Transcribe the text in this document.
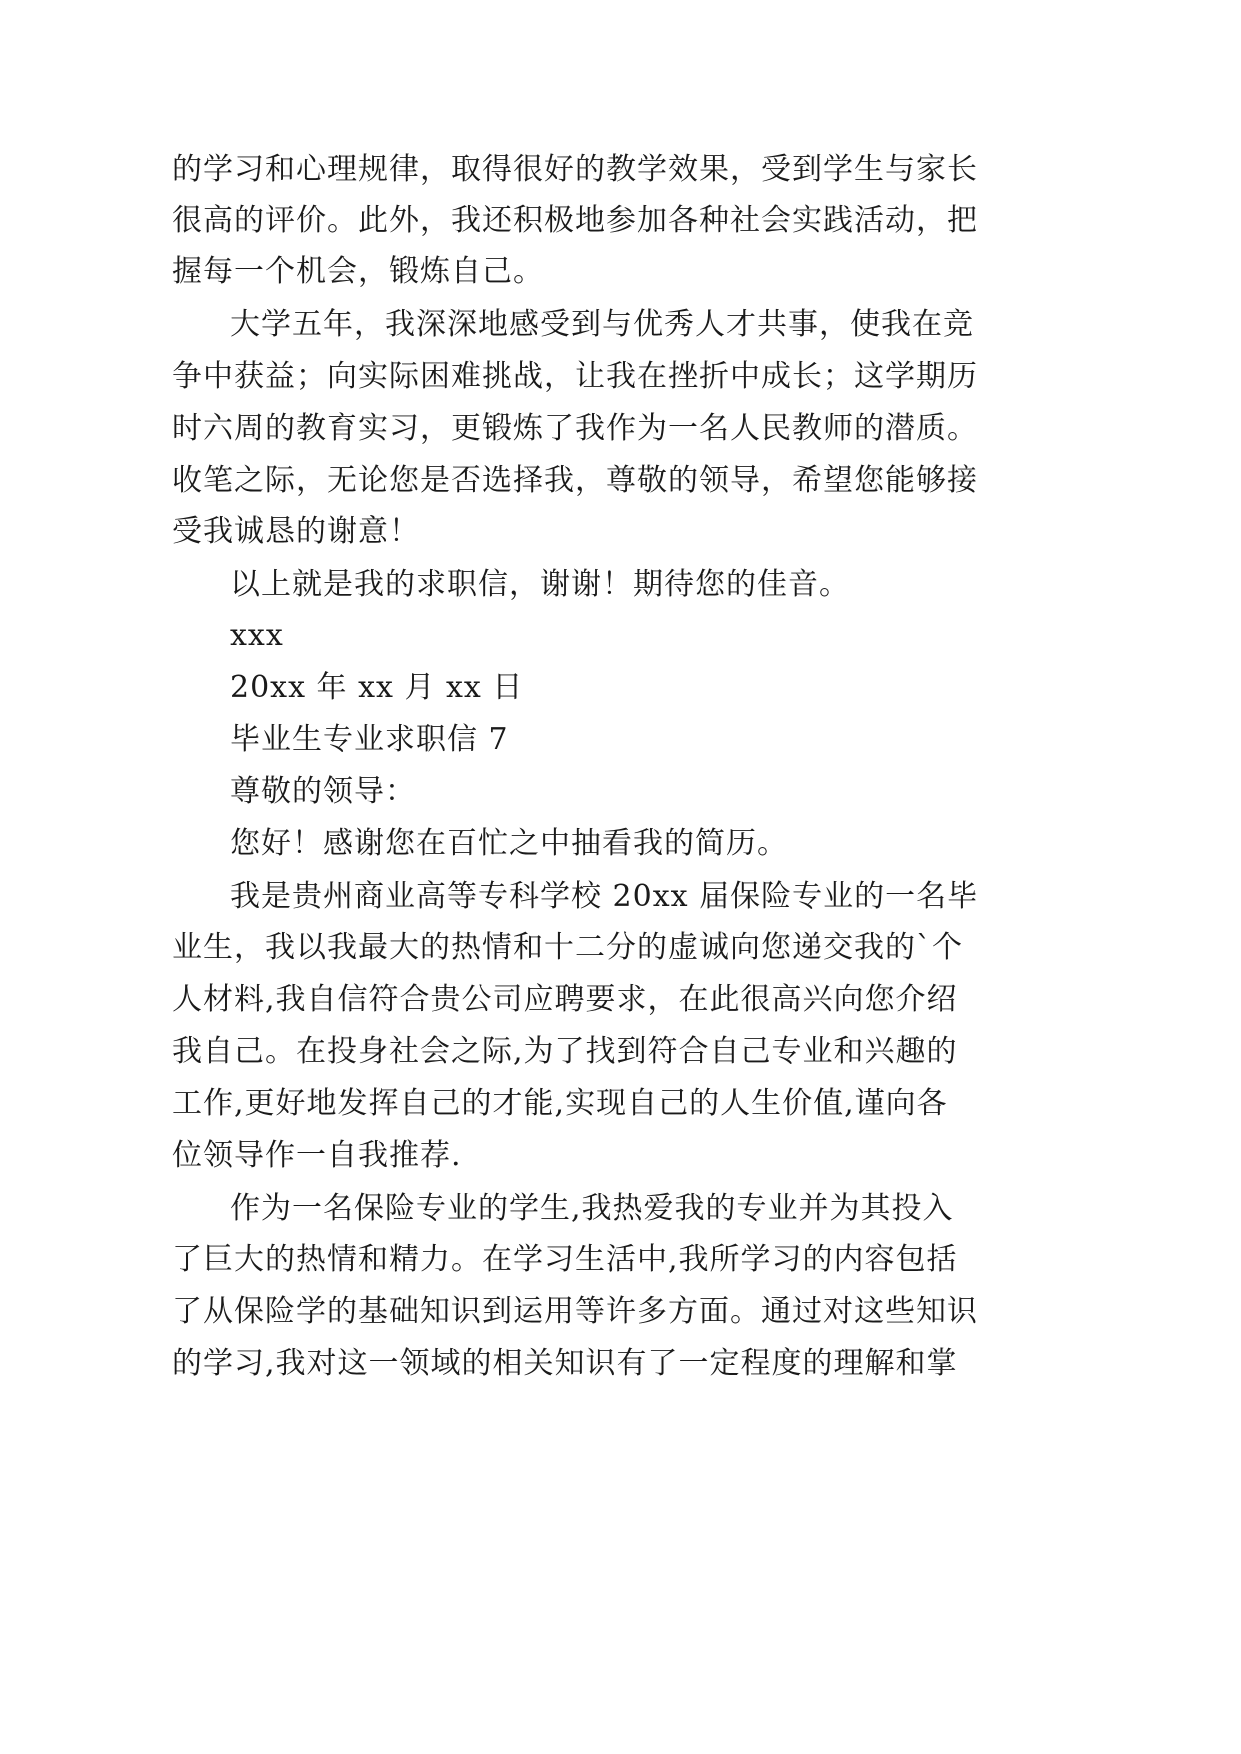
的学习和心理规律，取得很好的教学效果，受到学生与家长
很高的评价。此外，我还积极地参加各种社会实践活动，把
握每一个机会，锻炼自己。
大学五年，我深深地感受到与优秀人才共事，使我在竞
争中获益；向实际困难挑战，让我在挫折中成长；这学期历
时六周的教育实习，更锻炼了我作为一名人民教师的潜质。
收笔之际，无论您是否选择我，尊敬的领导，希望您能够接
受我诚恳的谢意！
以上就是我的求职信，谢谢！期待您的佳音。
xxx
20xx 年 xx 月 xx 日
毕业生专业求职信 7
尊敬的领导：
您好！感谢您在百忙之中抽看我的简历。
我是贵州商业高等专科学校 20xx 届保险专业的一名毕
业生，我以我最大的热情和十二分的虚诚向您递交我的`个
人材料,我自信符合贵公司应聘要求，在此很高兴向您介绍
我自己。在投身社会之际,为了找到符合自己专业和兴趣的
工作,更好地发挥自己的才能,实现自己的人生价值,谨向各
位领导作一自我推荐.
作为一名保险专业的学生,我热爱我的专业并为其投入
了巨大的热情和精力。在学习生活中,我所学习的内容包括
了从保险学的基础知识到运用等许多方面。通过对这些知识
的学习,我对这一领域的相关知识有了一定程度的理解和掌
